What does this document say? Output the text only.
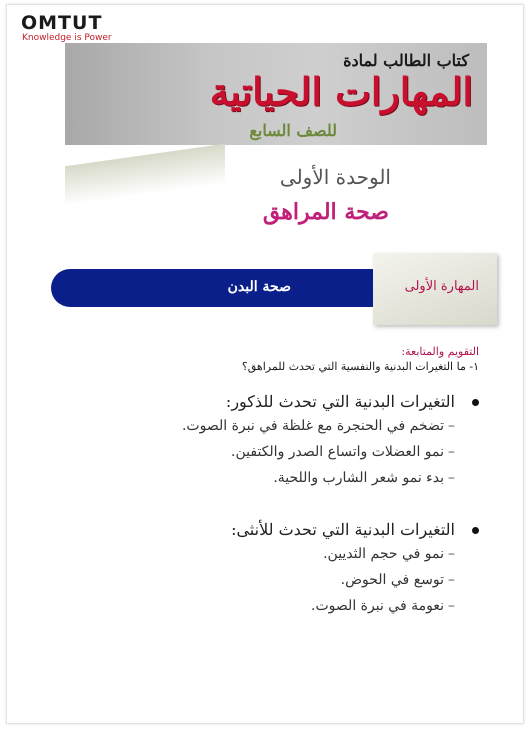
OMTUT
Knowledge is Power
كتاب الطالب لمادة
المهارات الحياتية
للصف السابع
الوحدة الأولى
صحة المراهق
صحة البدن	المهارة الأولى
التقويم والمتابعة:
١- ما التغيرات البدنية والنفسية التي تحدث للمراهق؟
التغيرات البدنية التي تحدث للذكور:
–تضخم في الحنجرة مع غلظة في نبرة الصوت.
–نمو العضلات واتساع الصدر والكتفين.
–بدء نمو شعر الشارب واللحية.
التغيرات البدنية التي تحدث للأنثى:
–نمو في حجم الثديين.
–توسع في الحوض.
–نعومة في نبرة الصوت.
